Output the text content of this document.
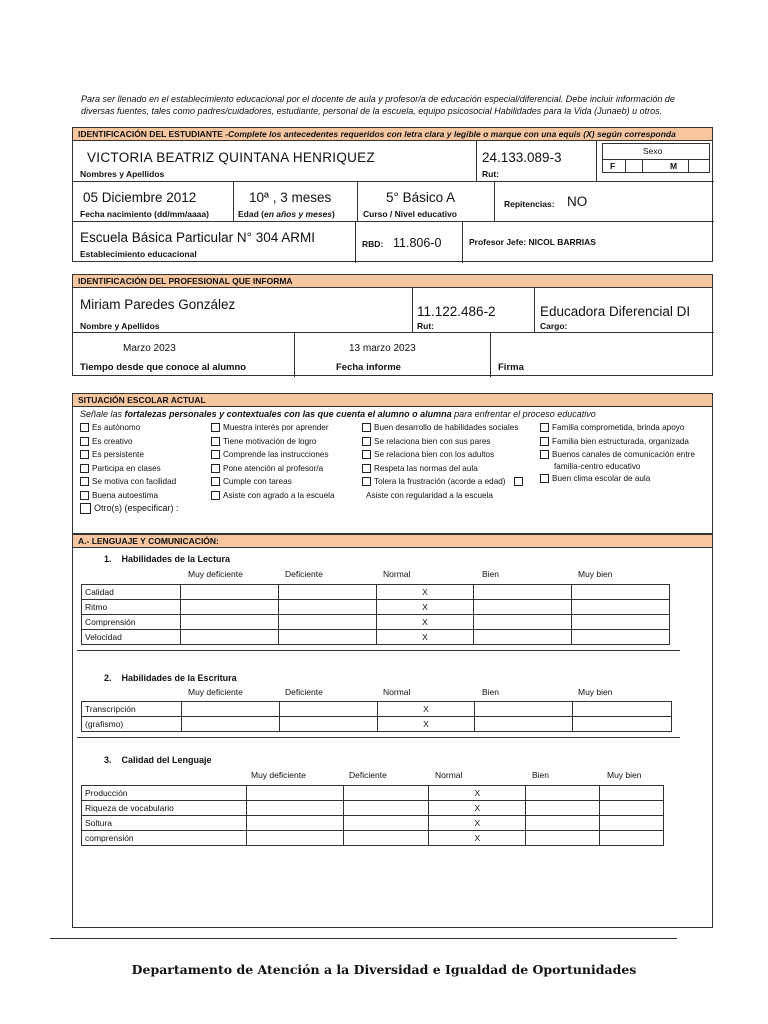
Para ser llenado en el establecimiento educacional por el docente de aula y profesor/a de educación especial/diferencial. Debe incluir información de diversas fuentes, tales como padres/cuidadores, estudiante, personal de la escuela, equipo psicosocial Habilidades para la Vida (Junaeb) u otros.
IDENTIFICACIÓN DEL ESTUDIANTE -Complete los antecedentes requeridos con letra clara y legible o marque con una equis (X) según corresponda
VICTORIA BEATRIZ QUINTANA HENRIQUEZ
Nombres y Apellidos
24.133.089-3
Rut:
Sexo
F	M
05 Diciembre 2012
Fecha nacimiento (dd/mm/aaaa)
10ª , 3 meses
Edad (en años y meses)
5° Básico A
Curso / Nivel educativo
Repitencias: NO
Escuela Básica Particular N° 304 ARMI
Establecimiento educacional
RBD: 11.806-0	Profesor Jefe: NICOL BARRIAS
IDENTIFICACIÓN DEL PROFESIONAL QUE INFORMA
Miriam Paredes González
Nombre y Apellidos
11.122.486-2
Rut:
Educadora Diferencial DI
Cargo:
Marzo 2023
Tiempo desde que conoce al alumno
13 marzo 2023
Fecha informe	Firma
SITUACIÓN ESCOLAR ACTUAL
Señale las fortalezas personales y contextuales con las que cuenta el alumno o alumna para enfrentar el proceso educativo
Es autónomo
Es creativo
Es persistente
Participa en clases
Se motiva con facilidad
Buena autoestima
Otro(s) (especificar) :
Muestra interés por aprender
Tiene motivación de logro
Comprende las instrucciones
Pone atención al profesor/a
Cumple con tareas
Asiste con agrado a la escuela
Buen desarrollo de habilidades sociales
Se relaciona bien con sus pares
Se relaciona bien con los adultos
Respeta las normas del aula
Tolera la frustración (acorde a edad)
Asiste con regularidad a la escuela
Familia comprometida, brinda apoyo
Familia bien estructurada, organizada
Buenos canales de comunicación entre
familia-centro educativo
Buen clima escolar de aula
A.- LENGUAJE Y COMUNICACIÓN:
1. Habilidades de la Lectura
Muy deficiente	Deficiente	Normal	Bien	Muy bien
Calidad			X		
Ritmo			X		
Comprensión			X		
Velocidad			X		
2. Habilidades de la Escritura
Muy deficiente	Deficiente	Normal	Bien	Muy bien
Transcripción			X		
(grafismo)			X		
3. Calidad del Lenguaje
Muy deficiente	Deficiente	Normal	Bien	Muy bien
Producción			X		
Riqueza de vocabulario			X		
Soltura			X		
comprensión			X		
Departamento de Atención a la Diversidad e Igualdad de Oportunidades
